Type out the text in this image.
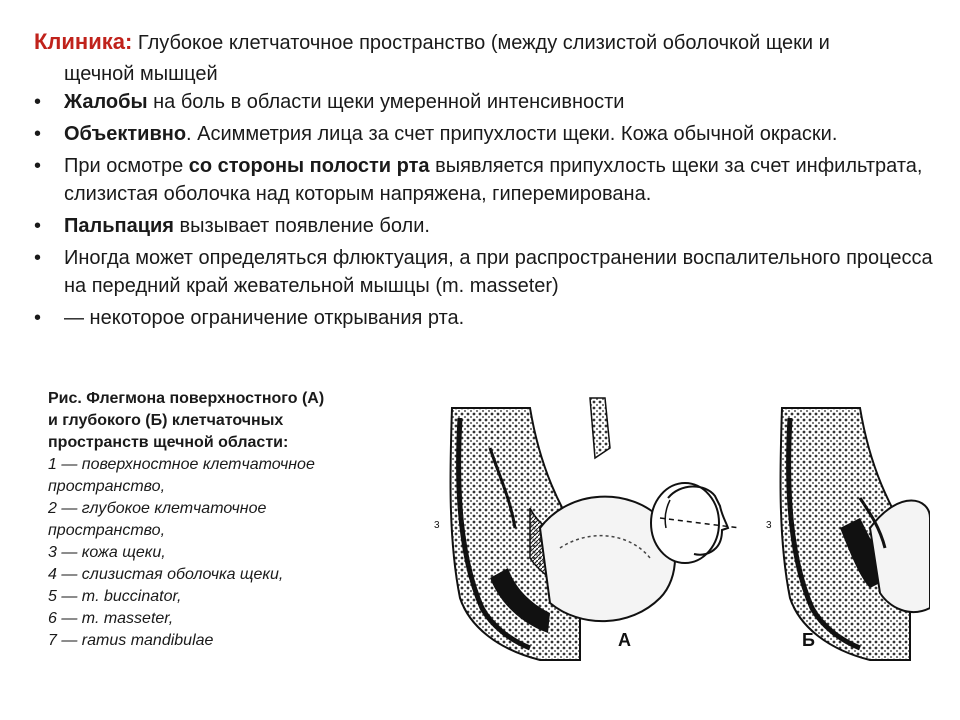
Клиника: Глубокое клетчаточное пространство (между слизистой оболочкой щеки и
щечной мышцей
• Жалобы на боль в области щеки умеренной интенсивности
• Объективно. Асимметрия лица за счет припухлости щеки. Кожа обычной окраски.
• При осмотре со стороны полости рта выявляется припухлость щеки за счет инфильтрата, слизистая оболочка над которым напряжена, гиперемирована.
• Пальпация вызывает появление боли.
• Иногда может определяться флюктуация, а при распространении воспалительного процесса на передний край жевательной мышцы (m. masseter)
• — некоторое ограничение открывания рта.
Рис. Флегмона поверхностного (А)
и глубокого (Б) клетчаточных
пространств щечной области:
1 — поверхностное клетчаточное
пространство,
2 — глубокое клетчаточное
пространство,
3 — кожа щеки,
4 — слизистая оболочка щеки,
5 — m. buccinator,
6 — т. masseter,
7 — ramus mandibulae
3
А
3
Б
